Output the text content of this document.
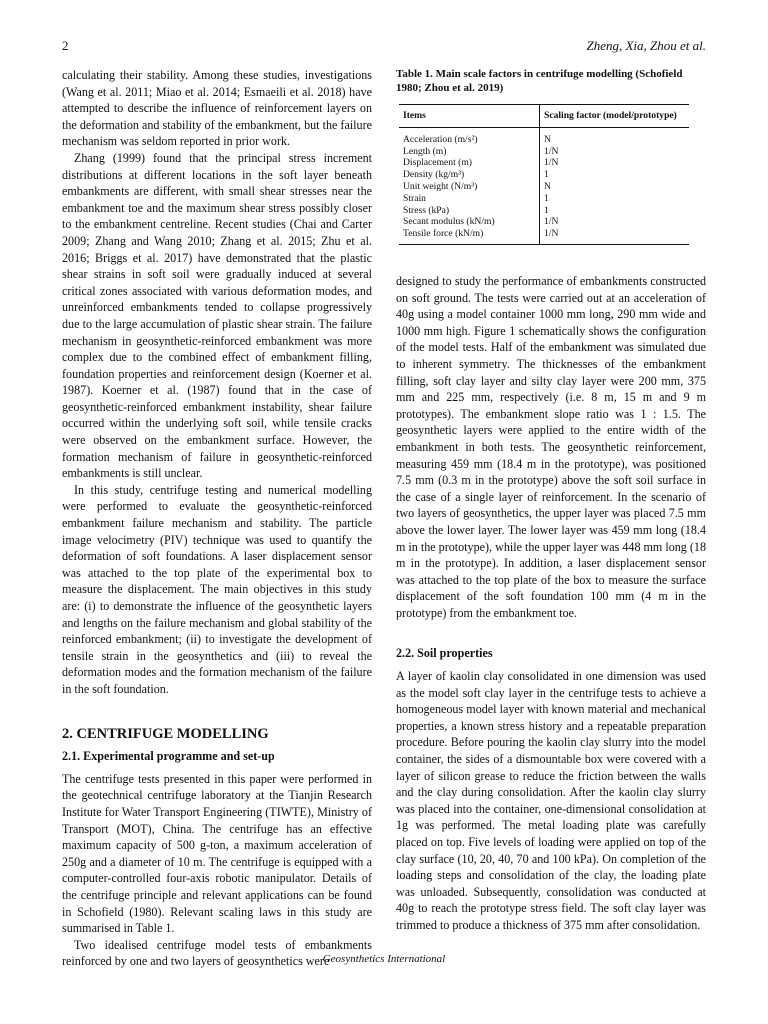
2	Zheng, Xia, Zhou et al.

calculating their stability. Among these studies, investigations (Wang et al. 2011; Miao et al. 2014; Esmaeili et al. 2018) have attempted to describe the influence of reinforcement layers on the deformation and stability of the embankment, but the failure mechanism was seldom reported in prior work.

Zhang (1999) found that the principal stress increment distributions at different locations in the soft layer beneath embankments are different, with small shear stresses near the embankment toe and the maximum shear stress possibly closer to the embankment centreline. Recent studies (Chai and Carter 2009; Zhang and Wang 2010; Zhang et al. 2015; Zhu et al. 2016; Briggs et al. 2017) have demonstrated that the plastic shear strains in soft soil were gradually induced at several critical zones associated with various deformation modes, and unreinforced embankments tended to collapse progressively due to the large accumulation of plastic shear strain. The failure mechanism in geosynthetic-reinforced embankment was more complex due to the combined effect of embankment filling, foundation properties and reinforcement design (Koerner et al. 1987). Koerner et al. (1987) found that in the case of geosynthetic-reinforced embankment instability, shear failure occurred within the underlying soft soil, while tensile cracks were observed on the embankment surface. However, the formation mechanism of failure in geosynthetic-reinforced embankments is still unclear.

In this study, centrifuge testing and numerical modelling were performed to evaluate the geosynthetic-reinforced embankment failure mechanism and stability. The particle image velocimetry (PIV) technique was used to quantify the deformation of soft foundations. A laser displacement sensor was attached to the top plate of the experimental box to measure the displacement. The main objectives in this study are: (i) to demonstrate the influence of the geosynthetic layers and lengths on the failure mechanism and global stability of the reinforced embankment; (ii) to investigate the development of tensile strain in the geosynthetics and (iii) to reveal the deformation modes and the formation mechanism of the failure in the soft foundation.

2. CENTRIFUGE MODELLING
2.1. Experimental programme and set-up

The centrifuge tests presented in this paper were performed in the geotechnical centrifuge laboratory at the Tianjin Research Institute for Water Transport Engineering (TIWTE), Ministry of Transport (MOT), China. The centrifuge has an effective maximum capacity of 500 g-ton, a maximum acceleration of 250g and a diameter of 10 m. The centrifuge is equipped with a computer-controlled four-axis robotic manipulator. Details of the centrifuge principle and relevant applications can be found in Schofield (1980). Relevant scaling laws in this study are summarised in Table 1.

Two idealised centrifuge model tests of embankments reinforced by one and two layers of geosynthetics were

Table 1. Main scale factors in centrifuge modelling (Schofield 1980; Zhou et al. 2019)
Items	Scaling factor (model/prototype)
Acceleration (m/s²)	N
Length (m)	1/N
Displacement (m)	1/N
Density (kg/m³)	1
Unit weight (N/m³)	N
Strain	1
Stress (kPa)	1
Secant modulus (kN/m)	1/N
Tensile force (kN/m)	1/N

designed to study the performance of embankments constructed on soft ground. The tests were carried out at an acceleration of 40g using a model container 1000 mm long, 290 mm wide and 1000 mm high. Figure 1 schematically shows the configuration of the model tests. Half of the embankment was simulated due to inherent symmetry. The thicknesses of the embankment filling, soft clay layer and silty clay layer were 200 mm, 375 mm and 225 mm, respectively (i.e. 8 m, 15 m and 9 m prototypes). The embankment slope ratio was 1 : 1.5. The geosynthetic layers were applied to the entire width of the embankment in both tests. The geosynthetic reinforcement, measuring 459 mm (18.4 m in the prototype), was positioned 7.5 mm (0.3 m in the prototype) above the soft soil surface in the case of a single layer of reinforcement. In the scenario of two layers of geosynthetics, the upper layer was placed 7.5 mm above the lower layer. The lower layer was 459 mm long (18.4 m in the prototype), while the upper layer was 448 mm long (18 m in the prototype). In addition, a laser displacement sensor was attached to the top plate of the box to measure the surface displacement of the soft foundation 100 mm (4 m in the prototype) from the embankment toe.

2.2. Soil properties

A layer of kaolin clay consolidated in one dimension was used as the model soft clay layer in the centrifuge tests to achieve a homogeneous model layer with known material and mechanical properties, a known stress history and a repeatable preparation procedure. Before pouring the kaolin clay slurry into the model container, the sides of a dismountable box were covered with a layer of silicon grease to reduce the friction between the walls and the clay during consolidation. After the kaolin clay slurry was placed into the container, one-dimensional consolidation at 1g was performed. The metal loading plate was carefully placed on top. Five levels of loading were applied on top of the clay surface (10, 20, 40, 70 and 100 kPa). On completion of the loading steps and consolidation of the clay, the loading plate was unloaded. Subsequently, consolidation was conducted at 40g to reach the prototype stress field. The soft clay layer was trimmed to produce a thickness of 375 mm after consolidation.

Geosynthetics International
